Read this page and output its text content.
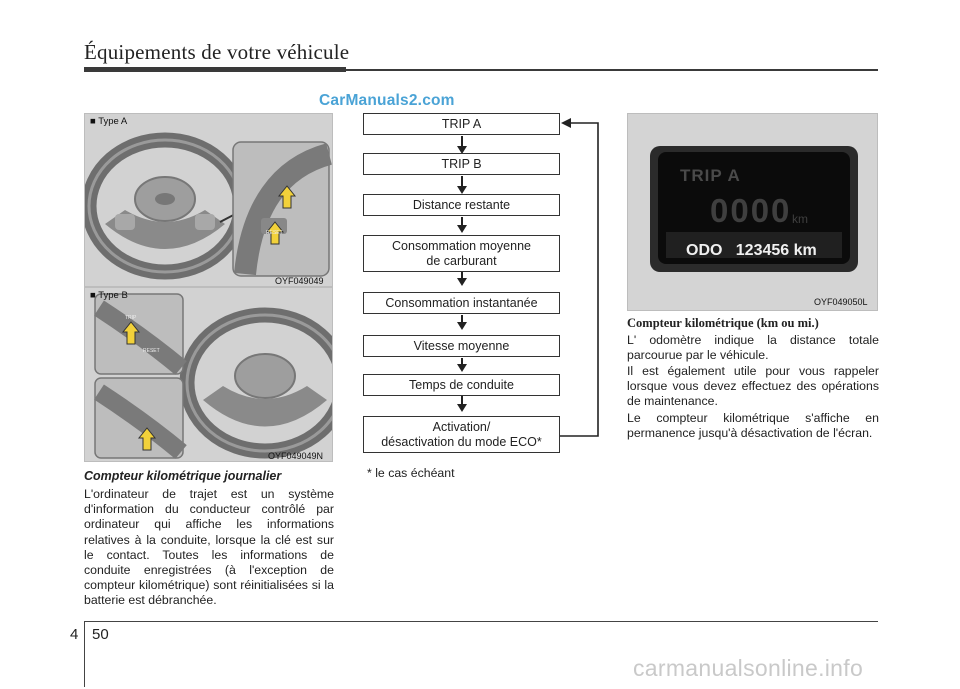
Équipements de votre véhicule
CarManuals2.com
■ Type A
RESET
OYF049049
■ Type B
TRIP
RESET
OYF049049N
Compteur kilométrique journalier
L'ordinateur de trajet est un système d'information du conducteur contrôlé par ordinateur qui affiche les informations relatives à la conduite, lorsque la clé est sur le contact. Toutes les informations de conduite enregistrées (à l'exception de compteur kilométrique) sont réinitialisées si la batterie est débranchée.
TRIP A
TRIP B
Distance restante
Consommation moyenne
de carburant
Consommation instantanée
Vitesse moyenne
Temps de conduite
Activation/
désactivation du mode ECO*
* le cas échéant
TRIP A
0000 km
ODO   123456 km
OYF049050L
Compteur kilométrique (km ou mi.)
L' odomètre indique la distance totale parcourue par le véhicule.
Il est également utile pour vous rappeler lorsque vous devez effectuez des opérations de maintenance.
Le compteur kilométrique s'affiche en permanence jusqu'à désactivation de l'écran.
4 50
carmanualsonline.info
